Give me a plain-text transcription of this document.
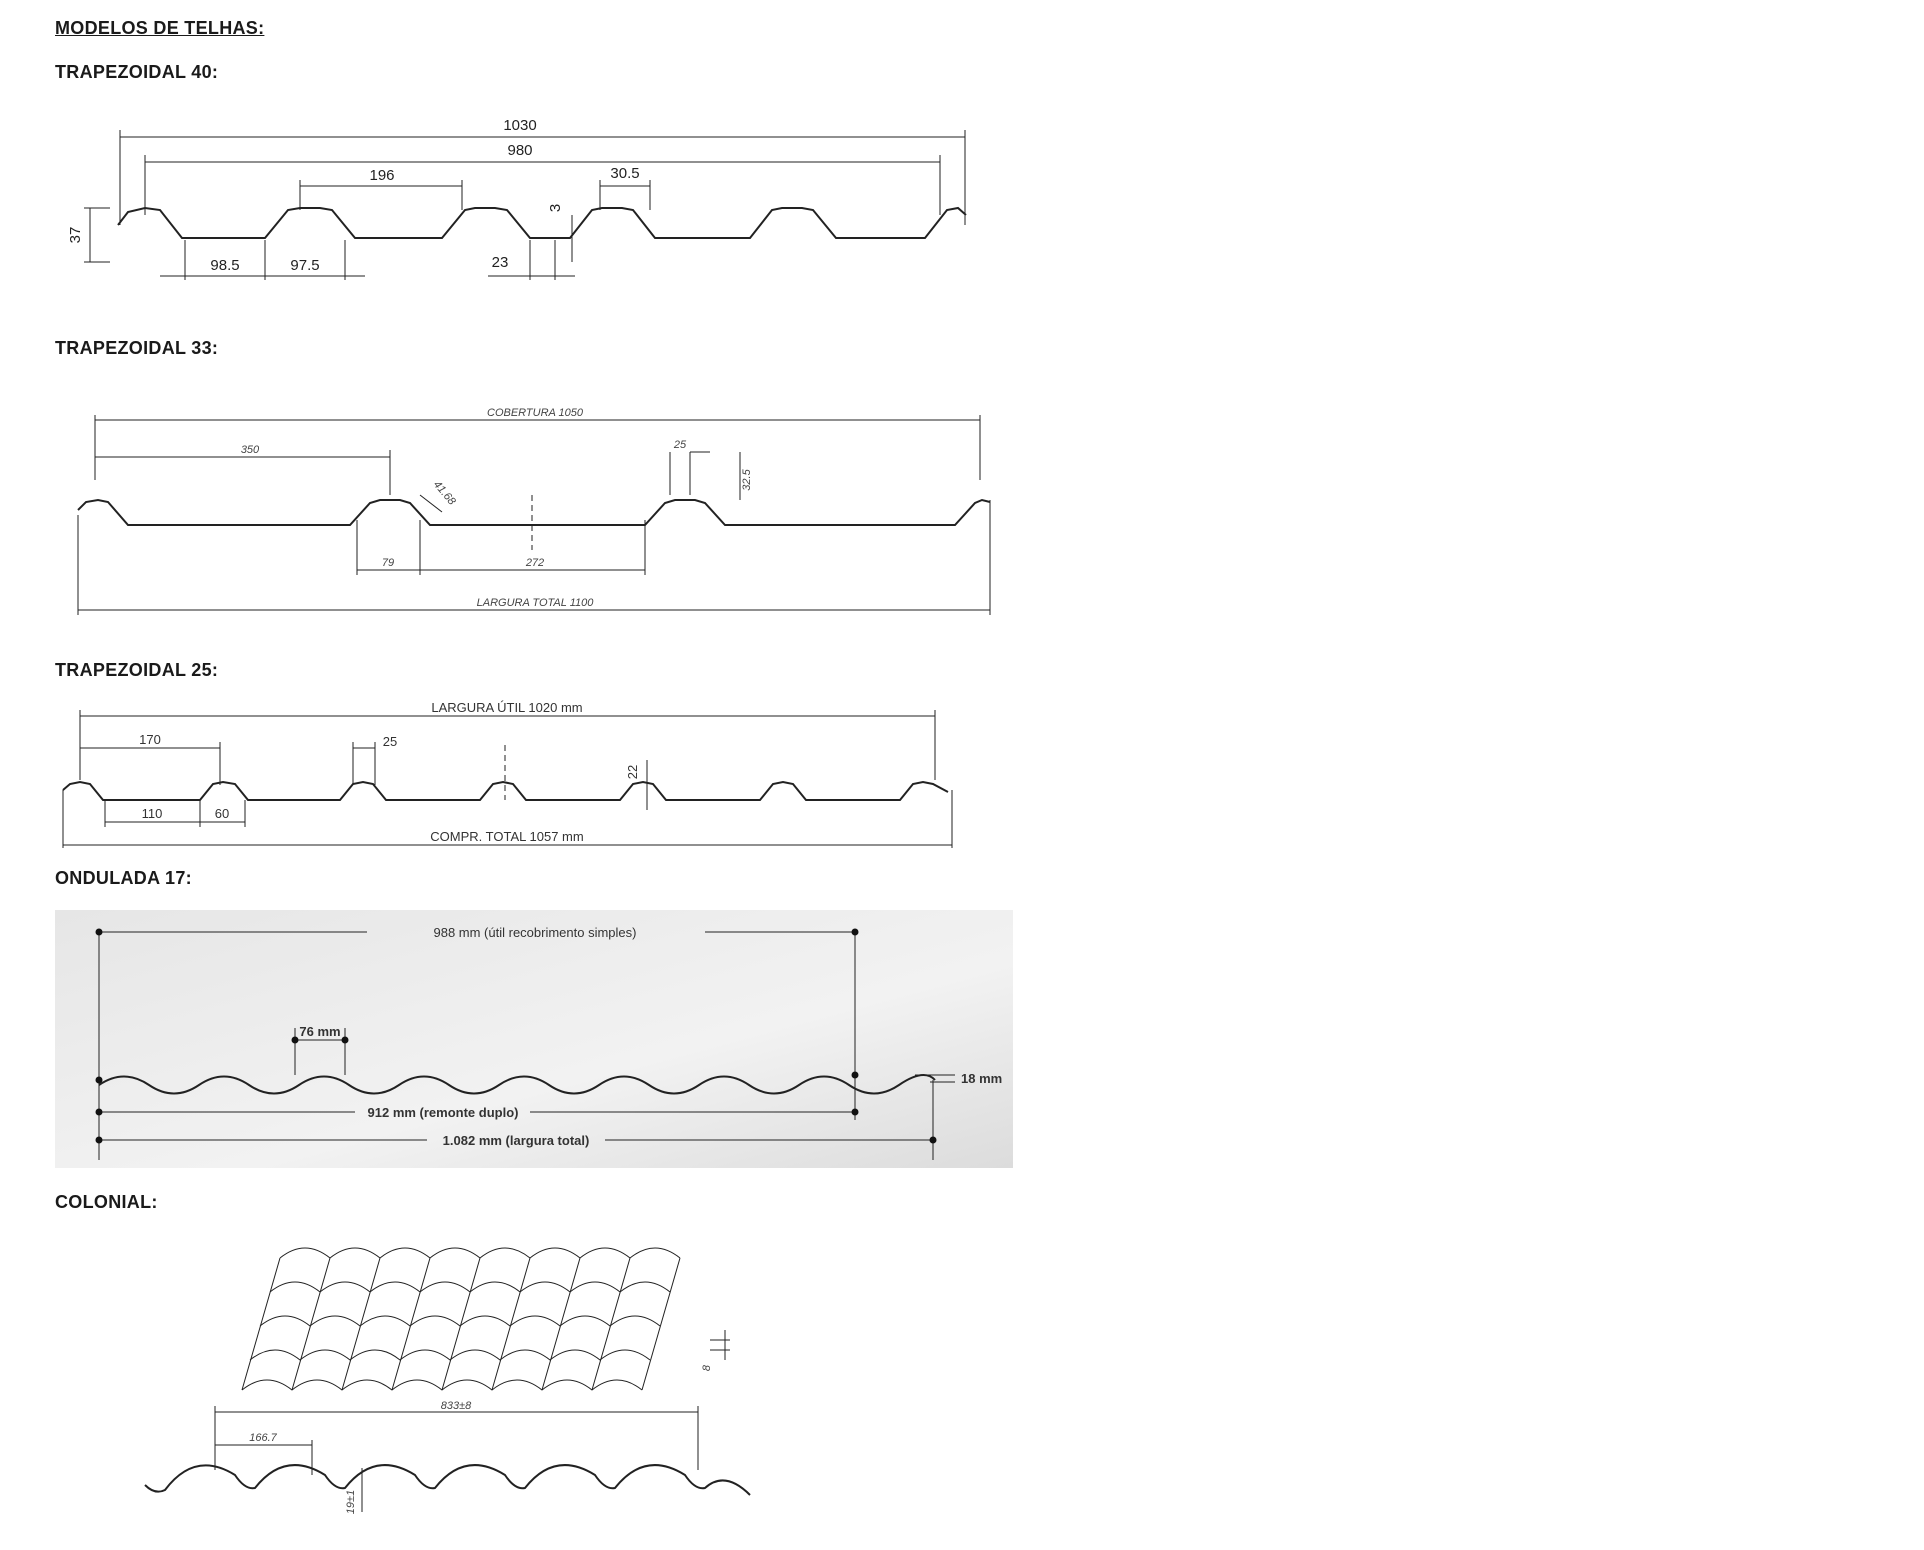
MODELOS DE TELHAS:
TRAPEZOIDAL 40:
1030
980
196	30.5
37
3
98.5	97.5	23
TRAPEZOIDAL 33:
COBERTURA 1050
350	25
32.5
41.68
79	272
LARGURA TOTAL 1100
TRAPEZOIDAL 25:
LARGURA ÚTIL 1020 mm
170	25
22
110	60
COMPR. TOTAL 1057 mm
ONDULADA 17:
988 mm (útil recobrimento simples)
76 mm
18 mm
912 mm (remonte duplo)
1.082 mm (largura total)
COLONIAL:
8
833±8
166.7
19±1
